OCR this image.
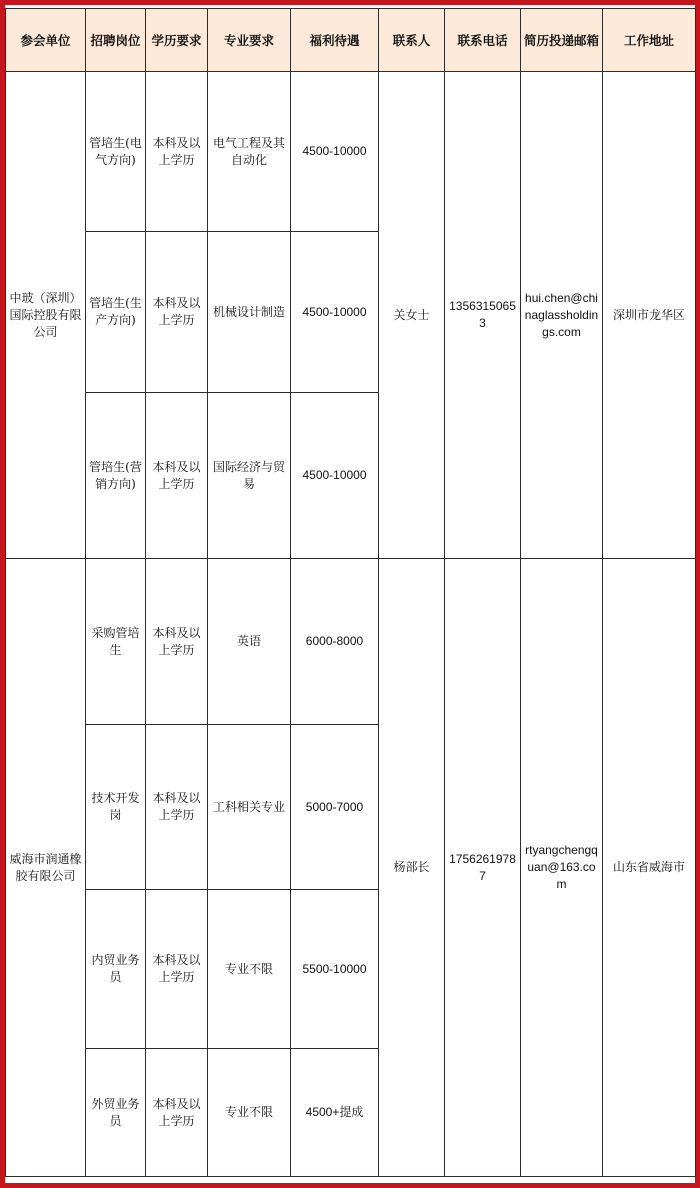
参会单位	招聘岗位	学历要求	专业要求	福利待遇	联系人	联系电话	简历投递邮箱	工作地址
中玻（深圳）国际控股有限公司	管培生(电气方向)	本科及以上学历	电气工程及其自动化	4500-10000	关女士	13563150653	hui.chen@chinaglassholdings.com	深圳市龙华区
	管培生(生产方向)	本科及以上学历	机械设计制造	4500-10000				
	管培生(营销方向)	本科及以上学历	国际经济与贸易	4500-10000				
威海市润通橡胶有限公司	采购管培生	本科及以上学历	英语	6000-8000	杨部长	17562619787	rtyangchengquan@163.com	山东省威海市
	技术开发岗	本科及以上学历	工科相关专业	5000-7000				
	内贸业务员	本科及以上学历	专业不限	5500-10000				
	外贸业务员	本科及以上学历	专业不限	4500+提成				
